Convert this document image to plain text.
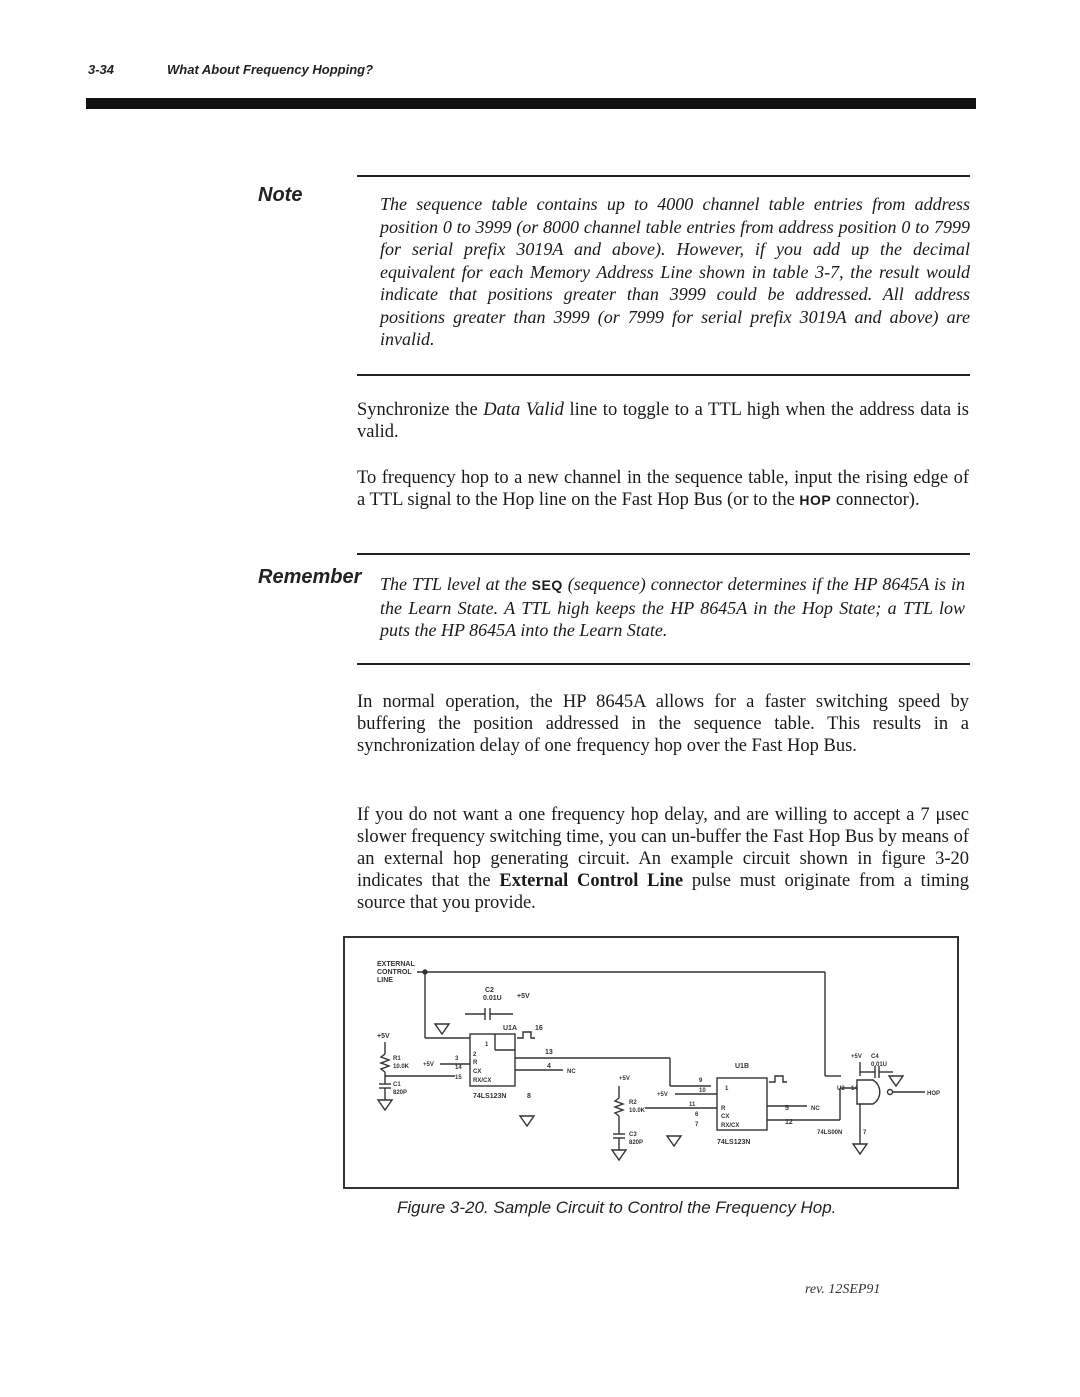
3-34	What About Frequency Hopping?
Note	The sequence table contains up to 4000 channel table entries from address position 0 to 3999 (or 8000 channel table entries from address position 0 to 7999 for serial prefix 3019A and above). However, if you add up the decimal equivalent for each Memory Address Line shown in table 3-7, the result would indicate that positions greater than 3999 could be addressed. All address positions greater than 3999 (or 7999 for serial prefix 3019A and above) are invalid.

Synchronize the Data Valid line to toggle to a TTL high when the address data is valid.

To frequency hop to a new channel in the sequence table, input the rising edge of a TTL signal to the Hop line on the Fast Hop Bus (or to the HOP connector).

Remember The TTL level at the SEQ (sequence) connector determines if the HP 8645A is in the Learn State. A TTL high keeps the HP 8645A in the Hop State; a TTL low puts the HP 8645A into the Learn State.

In normal operation, the HP 8645A allows for a faster switching speed by buffering the position addressed in the sequence table. This results in a synchronization delay of one frequency hop over the Fast Hop Bus.

If you do not want a one frequency hop delay, and are willing to accept a 7 μsec slower frequency switching time, you can un-buffer the Fast Hop Bus by means of an external hop generating circuit. An example circuit shown in figure 3-20 indicates that the External Control Line pulse must originate from a timing source that you provide.

EXTERNAL
CONTROL
LINE
C2
0.01U +5V
U1A	16
1
2
R
CX
RX/CX
3
14
15
74LS123N	8
13
4
NC
+5V
R1
10.0K
C1
820P
+5V
+5V
R2
10.0K
C3
820P
U1B
1
R
CX
RX/CX
9
10
11
6
7
+5V
74LS123N
5	NC
12
+5V C4
0.01U
U2
HOP
14
74LS00N	7
Figure 3-20. Sample Circuit to Control the Frequency Hop.
rev. 12SEP91
